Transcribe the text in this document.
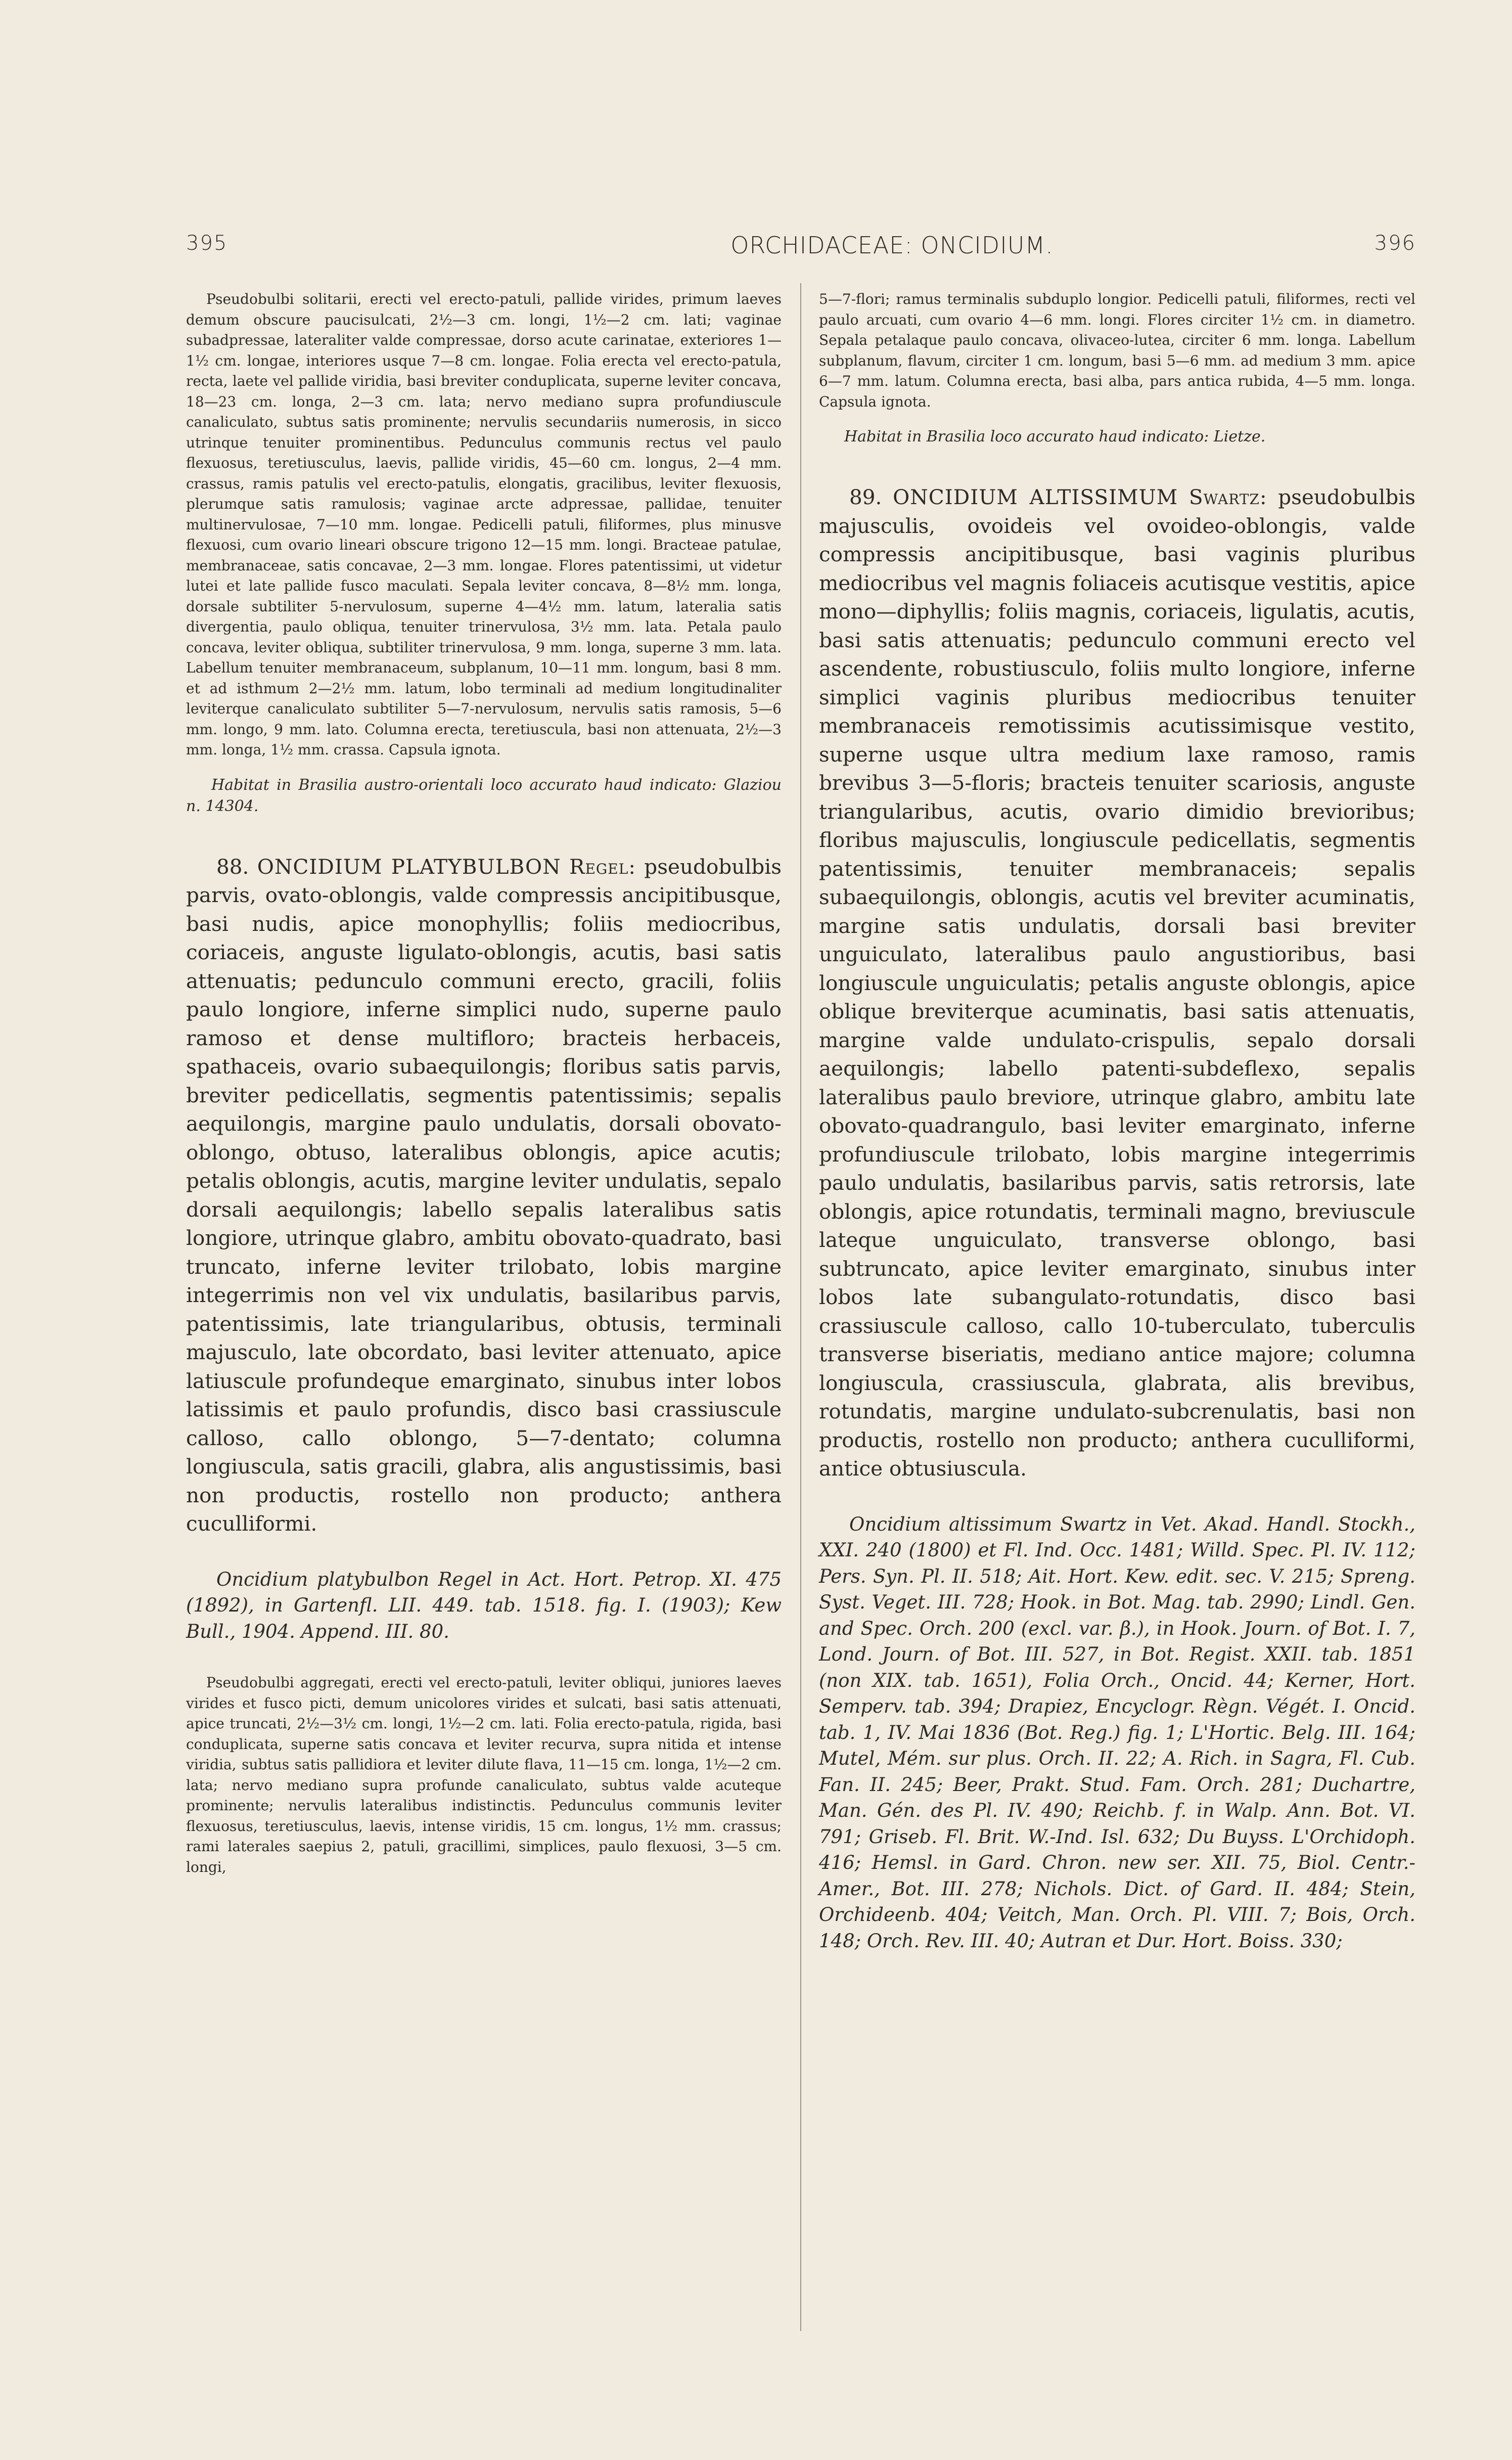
395	ORCHIDACEAE: ONCIDIUM.	396

Pseudobulbi solitarii, erecti vel erecto-patuli, pallide virides, primum laeves demum obscure paucisulcati, 2½—3 cm. longi, 1½—2 cm. lati; vaginae subadpressae, lateraliter valde compressae, dorso acute carinatae, exteriores 1—1½ cm. longae, interiores usque 7—8 cm. longae. Folia erecta vel erecto-patula, recta, laete vel pallide viridia, basi breviter conduplicata, superne leviter concava, 18—23 cm. longa, 2—3 cm. lata; nervo mediano supra profundiuscule canaliculato, subtus satis prominente; nervulis secundariis numerosis, in sicco utrinque tenuiter prominentibus. Pedunculus communis rectus vel paulo flexuosus, teretiusculus, laevis, pallide viridis, 45—60 cm. longus, 2—4 mm. crassus, ramis patulis vel erecto-patulis, elongatis, gracilibus, leviter flexuosis, plerumque satis ramulosis; vaginae arcte adpressae, pallidae, tenuiter multinervulosae, 7—10 mm. longae. Pedicelli patuli, filiformes, plus minusve flexuosi, cum ovario lineari obscure trigono 12—15 mm. longi. Bracteae patulae, membranaceae, satis concavae, 2—3 mm. longae. Flores patentissimi, ut videtur lutei et late pallide fusco maculati. Sepala leviter concava, 8—8½ mm. longa, dorsale subtiliter 5-nervulosum, superne 4—4½ mm. latum, lateralia satis divergentia, paulo obliqua, tenuiter trinervulosa, 3½ mm. lata. Petala paulo concava, leviter obliqua, subtiliter trinervulosa, 9 mm. longa, superne 3 mm. lata. Labellum tenuiter membranaceum, subplanum, 10—11 mm. longum, basi 8 mm. et ad isthmum 2—2½ mm. latum, lobo terminali ad medium longitudinaliter leviterque canaliculato subtiliter 5—7-nervulosum, nervulis satis ramosis, 5—6 mm. longo, 9 mm. lato. Columna erecta, teretiuscula, basi non attenuata, 2½—3 mm. longa, 1½ mm. crassa. Capsula ignota.

Habitat in Brasilia austro-orientali loco accurato haud indicato: Glaziou n. 14304.

88. ONCIDIUM PLATYBULBON Regel: pseudobulbis parvis, ovato-oblongis, valde compressis ancipitibusque, basi nudis, apice monophyllis; foliis mediocribus, coriaceis, anguste ligulato-oblongis, acutis, basi satis attenuatis; pedunculo communi erecto, gracili, foliis paulo longiore, inferne simplici nudo, superne paulo ramoso et dense multifloro; bracteis herbaceis, spathaceis, ovario subaequilongis; floribus satis parvis, breviter pedicellatis, segmentis patentissimis; sepalis aequilongis, margine paulo undulatis, dorsali obovato-oblongo, obtuso, lateralibus oblongis, apice acutis; petalis oblongis, acutis, margine leviter undulatis, sepalo dorsali aequilongis; labello sepalis lateralibus satis longiore, utrinque glabro, ambitu obovato-quadrato, basi truncato, inferne leviter trilobato, lobis margine integerrimis non vel vix undulatis, basilaribus parvis, patentissimis, late triangularibus, obtusis, terminali majusculo, late obcordato, basi leviter attenuato, apice latiuscule profundeque emarginato, sinubus inter lobos latissimis et paulo profundis, disco basi crassiuscule calloso, callo oblongo, 5—7-dentato; columna longiuscula, satis gracili, glabra, alis angustissimis, basi non productis, rostello non producto; anthera cuculliformi.

Oncidium platybulbon Regel in Act. Hort. Petrop. XI. 475 (1892), in Gartenfl. LII. 449. tab. 1518. fig. I. (1903); Kew Bull., 1904. Append. III. 80.

Pseudobulbi aggregati, erecti vel erecto-patuli, leviter obliqui, juniores laeves virides et fusco picti, demum unicolores virides et sulcati, basi satis attenuati, apice truncati, 2½—3½ cm. longi, 1½—2 cm. lati. Folia erecto-patula, rigida, basi conduplicata, superne satis concava et leviter recurva, supra nitida et intense viridia, subtus satis pallidiora et leviter dilute flava, 11—15 cm. longa, 1½—2 cm. lata; nervo mediano supra profunde canaliculato, subtus valde acuteque prominente; nervulis lateralibus indistinctis. Pedunculus communis leviter flexuosus, teretiusculus, laevis, intense viridis, 15 cm. longus, 1½ mm. crassus; rami laterales saepius 2, patuli, gracillimi, simplices, paulo flexuosi, 3—5 cm. longi,

5—7-flori; ramus terminalis subduplo longior. Pedicelli patuli, filiformes, recti vel paulo arcuati, cum ovario 4—6 mm. longi. Flores circiter 1½ cm. in diametro. Sepala petalaque paulo concava, olivaceo-lutea, circiter 6 mm. longa. Labellum subplanum, flavum, circiter 1 cm. longum, basi 5—6 mm. ad medium 3 mm. apice 6—7 mm. latum. Columna erecta, basi alba, pars antica rubida, 4—5 mm. longa. Capsula ignota.

Habitat in Brasilia loco accurato haud indicato: Lietze.

89. ONCIDIUM ALTISSIMUM Swartz: pseudobulbis majusculis, ovoideis vel ovoideo-oblongis, valde compressis ancipitibusque, basi vaginis pluribus mediocribus vel magnis foliaceis acutisque vestitis, apice mono—diphyllis; foliis magnis, coriaceis, ligulatis, acutis, basi satis attenuatis; pedunculo communi erecto vel ascendente, robustiusculo, foliis multo longiore, inferne simplici vaginis pluribus mediocribus tenuiter membranaceis remotissimis acutissimisque vestito, superne usque ultra medium laxe ramoso, ramis brevibus 3—5-floris; bracteis tenuiter scariosis, anguste triangularibus, acutis, ovario dimidio brevioribus; floribus majusculis, longiuscule pedicellatis, segmentis patentissimis, tenuiter membranaceis; sepalis subaequilongis, oblongis, acutis vel breviter acuminatis, margine satis undulatis, dorsali basi breviter unguiculato, lateralibus paulo angustioribus, basi longiuscule unguiculatis; petalis anguste oblongis, apice oblique breviterque acuminatis, basi satis attenuatis, margine valde undulato-crispulis, sepalo dorsali aequilongis; labello patenti-subdeflexo, sepalis lateralibus paulo breviore, utrinque glabro, ambitu late obovato-quadrangulo, basi leviter emarginato, inferne profundiuscule trilobato, lobis margine integerrimis paulo undulatis, basilaribus parvis, satis retrorsis, late oblongis, apice rotundatis, terminali magno, breviuscule lateque unguiculato, transverse oblongo, basi subtruncato, apice leviter emarginato, sinubus inter lobos late subangulato-rotundatis, disco basi crassiuscule calloso, callo 10-tuberculato, tuberculis transverse biseriatis, mediano antice majore; columna longiuscula, crassiuscula, glabrata, alis brevibus, rotundatis, margine undulato-subcrenulatis, basi non productis, rostello non producto; anthera cuculliformi, antice obtusiuscula.

Oncidium altissimum Swartz in Vet. Akad. Handl. Stockh., XXI. 240 (1800) et Fl. Ind. Occ. 1481; Willd. Spec. Pl. IV. 112; Pers. Syn. Pl. II. 518; Ait. Hort. Kew. edit. sec. V. 215; Spreng. Syst. Veget. III. 728; Hook. in Bot. Mag. tab. 2990; Lindl. Gen. and Spec. Orch. 200 (excl. var. β.), in Hook. Journ. of Bot. I. 7, Lond. Journ. of Bot. III. 527, in Bot. Regist. XXII. tab. 1851 (non XIX. tab. 1651), Folia Orch., Oncid. 44; Kerner, Hort. Semperv. tab. 394; Drapiez, Encyclogr. Règn. Végét. I. Oncid. tab. 1, IV. Mai 1836 (Bot. Reg.) fig. 1; L'Hortic. Belg. III. 164; Mutel, Mém. sur plus. Orch. II. 22; A. Rich. in Sagra, Fl. Cub. Fan. II. 245; Beer, Prakt. Stud. Fam. Orch. 281; Duchartre, Man. Gén. des Pl. IV. 490; Reichb. f. in Walp. Ann. Bot. VI. 791; Griseb. Fl. Brit. W.-Ind. Isl. 632; Du Buyss. L'Orchidoph. 416; Hemsl. in Gard. Chron. new ser. XII. 75, Biol. Centr.-Amer., Bot. III. 278; Nichols. Dict. of Gard. II. 484; Stein, Orchideenb. 404; Veitch, Man. Orch. Pl. VIII. 7; Bois, Orch. 148; Orch. Rev. III. 40; Autran et Dur. Hort. Boiss. 330;
